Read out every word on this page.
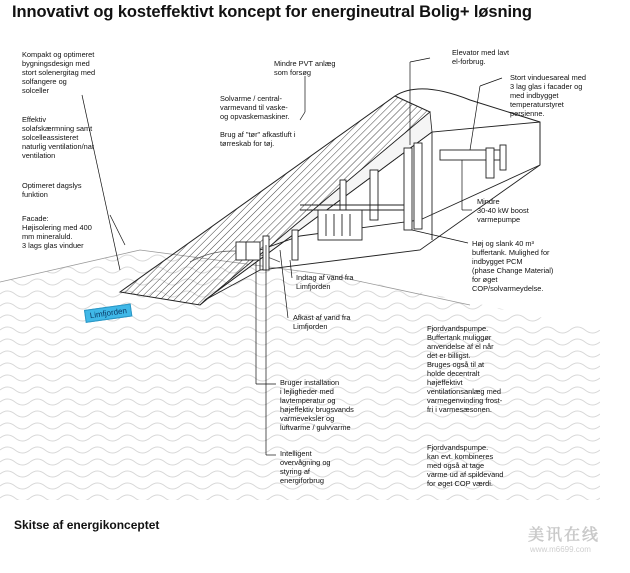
Innovativt og kosteffektivt koncept for energineutral Bolig+ løsning
Limfjorden
Kompakt og optimeret
bygningsdesign med
stort solenergitag med
solfangere og
solceller
Effektiv
solafskærmning samt
solcelleassisteret
naturlig ventilation/nat
ventilation
Optimeret dagslys
funktion
Facade:
Højisolering med 400
mm mineraluld.
3 lags glas vinduer
Mindre PVT anlæg
som forsøg
Solvarme / central-
varmevand til vaske-
og opvaskemaskiner.
Brug af "tør" afkastluft i
tørreskab for tøj.
Elevator med lavt
el-forbrug.
Stort vinduesareal med
3 lag glas i facader og
med indbygget
temperaturstyret
persienne.
Mindre
30-40 kW boost
varmepumpe
Høj og slank 40 m³
buffertank. Mulighed for
indbygget PCM
(phase Change Material)
for øget
COP/solvarmeydelse.
Indtag af vand fra
Limfjorden
Afkast af vand fra
Limfjorden	Fjordvandspumpe.
Buffertank muliggør
anvendelse af el når
det er billigst.
Bruges også til at
holde decentralt
højeffektivt
ventilationsanlæg med
varmegenvinding frost-
fri i varmesæsonen.
Bruger installation
i lejligheder med
lavtemperatur og
højeffektiv brugsvands
varmeveksler og
luftvarme / gulvvarme
Intelligent
overvågning og
styring af
energiforbrug
Fjordvandspumpe.
kan evt. kombineres
med også at tage
varme ud af spildevand
for øget COP værdi.
Skitse af energikonceptet
美讯在线
www.m6699.com
